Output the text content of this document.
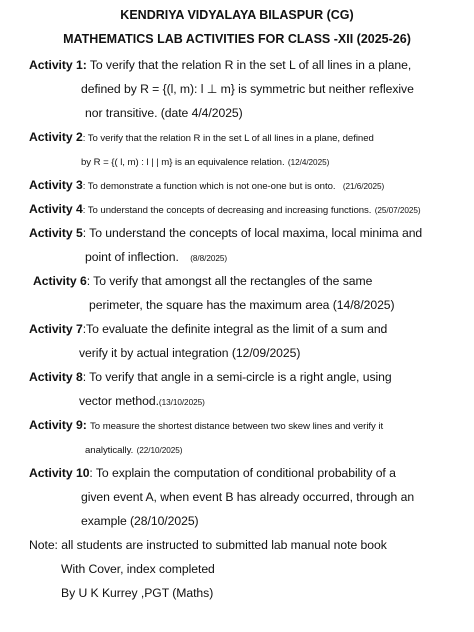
KENDRIYA VIDYALAYA BILASPUR (CG)
MATHEMATICS LAB ACTIVITIES FOR CLASS -XII (2025-26)
Activity 1: To verify that the relation R in the set L of all lines in a plane,
defined by R = {(l, m): l ⊥ m} is symmetric but neither reflexive
nor transitive. (date 4/4/2025)
Activity 2: To verify that the relation R in the set L of all lines in a plane, defined
by R = {( l, m) : l | | m} is an equivalence relation. (12/4/2025)
Activity 3: To demonstrate a function which is not one-one but is onto. (21/6/2025)
Activity 4: To understand the concepts of decreasing and increasing functions. (25/07/2025)
Activity 5: To understand the concepts of local maxima, local minima and
point of inflection. (8/8/2025)
Activity 6: To verify that amongst all the rectangles of the same
perimeter, the square has the maximum area (14/8/2025)
Activity 7:To evaluate the definite integral as the limit of a sum and
verify it by actual integration (12/09/2025)
Activity 8: To verify that angle in a semi-circle is a right angle, using
vector method.(13/10/2025)
Activity 9: To measure the shortest distance between two skew lines and verify it
analytically. (22/10/2025)
Activity 10: To explain the computation of conditional probability of a
given event A, when event B has already occurred, through an
example (28/10/2025)
Note: all students are instructed to submitted lab manual note book
With Cover, index completed
By U K Kurrey ,PGT (Maths)
